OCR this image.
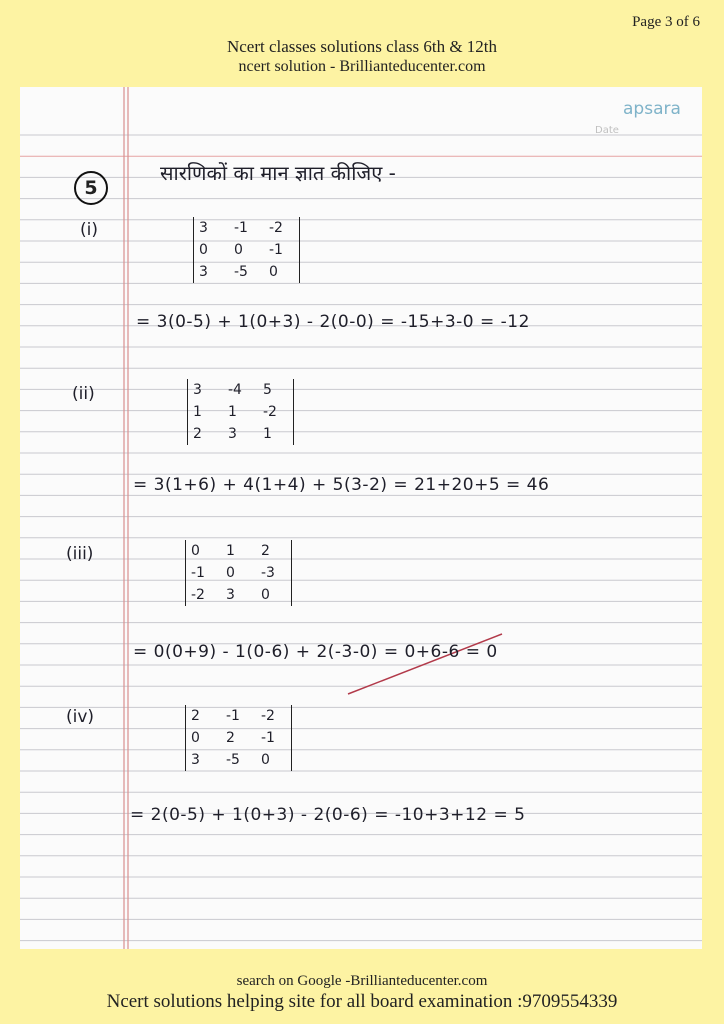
Page 3 of 6
Ncert classes solutions class 6th & 12th
ncert solution - Brillianteducenter.com
apsara
Date
5
सारणिकों का मान ज्ञात कीजिए -
(i)	3	-1	-2
0	0	-1
3	-5	0
= 3(0-5) + 1(0+3) - 2(0-0) = -15+3-0 = -12
(ii)	3	-4	5
1	1	-2
2	3	1
= 3(1+6) + 4(1+4) + 5(3-2) = 21+20+5 = 46
(iii)	0	1	2
-1	0	-3
-2	3	0
= 0(0+9) - 1(0-6) + 2(-3-0) = 0+6-6 = 0
(iv)	2	-1	-2
0	2	-1
3	-5	0
= 2(0-5) + 1(0+3) - 2(0-6) = -10+3+12 = 5
search on Google -Brillianteducenter.com
Ncert solutions helping site for all board examination :9709554339
